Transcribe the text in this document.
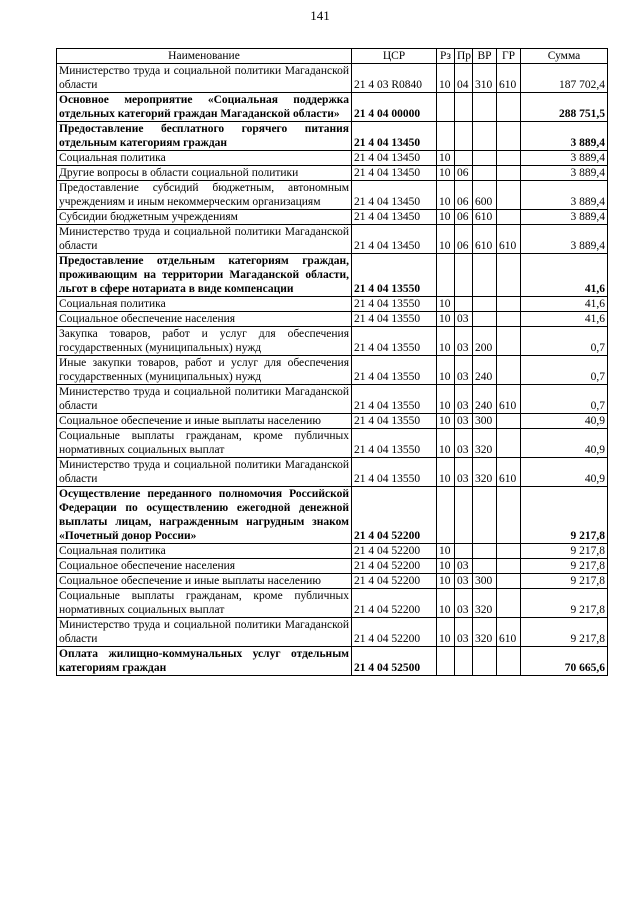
141
Наименование	ЦСР	Рз	Пр	ВР	ГР	Сумма
Министерство труда и социальной политики Магаданской области	21 4 03 R0840	10	04	310	610	187 702,4
Основное мероприятие «Социальная поддержка отдельных категорий граждан Магаданской области»	21 4 04 00000					288 751,5
Предоставление бесплатного горячего питания отдельным категориям граждан	21 4 04 13450					3 889,4
Социальная политика	21 4 04 13450	10				3 889,4
Другие вопросы в области социальной политики	21 4 04 13450	10	06			3 889,4
Предоставление субсидий бюджетным, автономным учреждениям и иным некоммерческим организациям	21 4 04 13450	10	06	600		3 889,4
Субсидии бюджетным учреждениям	21 4 04 13450	10	06	610		3 889,4
Министерство труда и социальной политики Магаданской области	21 4 04 13450	10	06	610	610	3 889,4
Предоставление отдельным категориям граждан, проживающим на территории Магаданской области, льгот в сфере нотариата в виде компенсации	21 4 04 13550					41,6
Социальная политика	21 4 04 13550	10				41,6
Социальное обеспечение населения	21 4 04 13550	10	03			41,6
Закупка товаров, работ и услуг для обеспечения государственных (муниципальных) нужд	21 4 04 13550	10	03	200		0,7
Иные закупки товаров, работ и услуг для обеспечения государственных (муниципальных) нужд	21 4 04 13550	10	03	240		0,7
Министерство труда и социальной политики Магаданской области	21 4 04 13550	10	03	240	610	0,7
Социальное обеспечение и иные выплаты населению	21 4 04 13550	10	03	300		40,9
Социальные выплаты гражданам, кроме публичных нормативных социальных выплат	21 4 04 13550	10	03	320		40,9
Министерство труда и социальной политики Магаданской области	21 4 04 13550	10	03	320	610	40,9
Осуществление переданного полномочия Российской Федерации по осуществлению ежегодной денежной выплаты лицам, награжденным нагрудным знаком «Почетный донор России»	21 4 04 52200					9 217,8
Социальная политика	21 4 04 52200	10				9 217,8
Социальное обеспечение населения	21 4 04 52200	10	03			9 217,8
Социальное обеспечение и иные выплаты населению	21 4 04 52200	10	03	300		9 217,8
Социальные выплаты гражданам, кроме публичных нормативных социальных выплат	21 4 04 52200	10	03	320		9 217,8
Министерство труда и социальной политики Магаданской области	21 4 04 52200	10	03	320	610	9 217,8
Оплата жилищно-коммунальных услуг отдельным категориям граждан	21 4 04 52500					70 665,6
